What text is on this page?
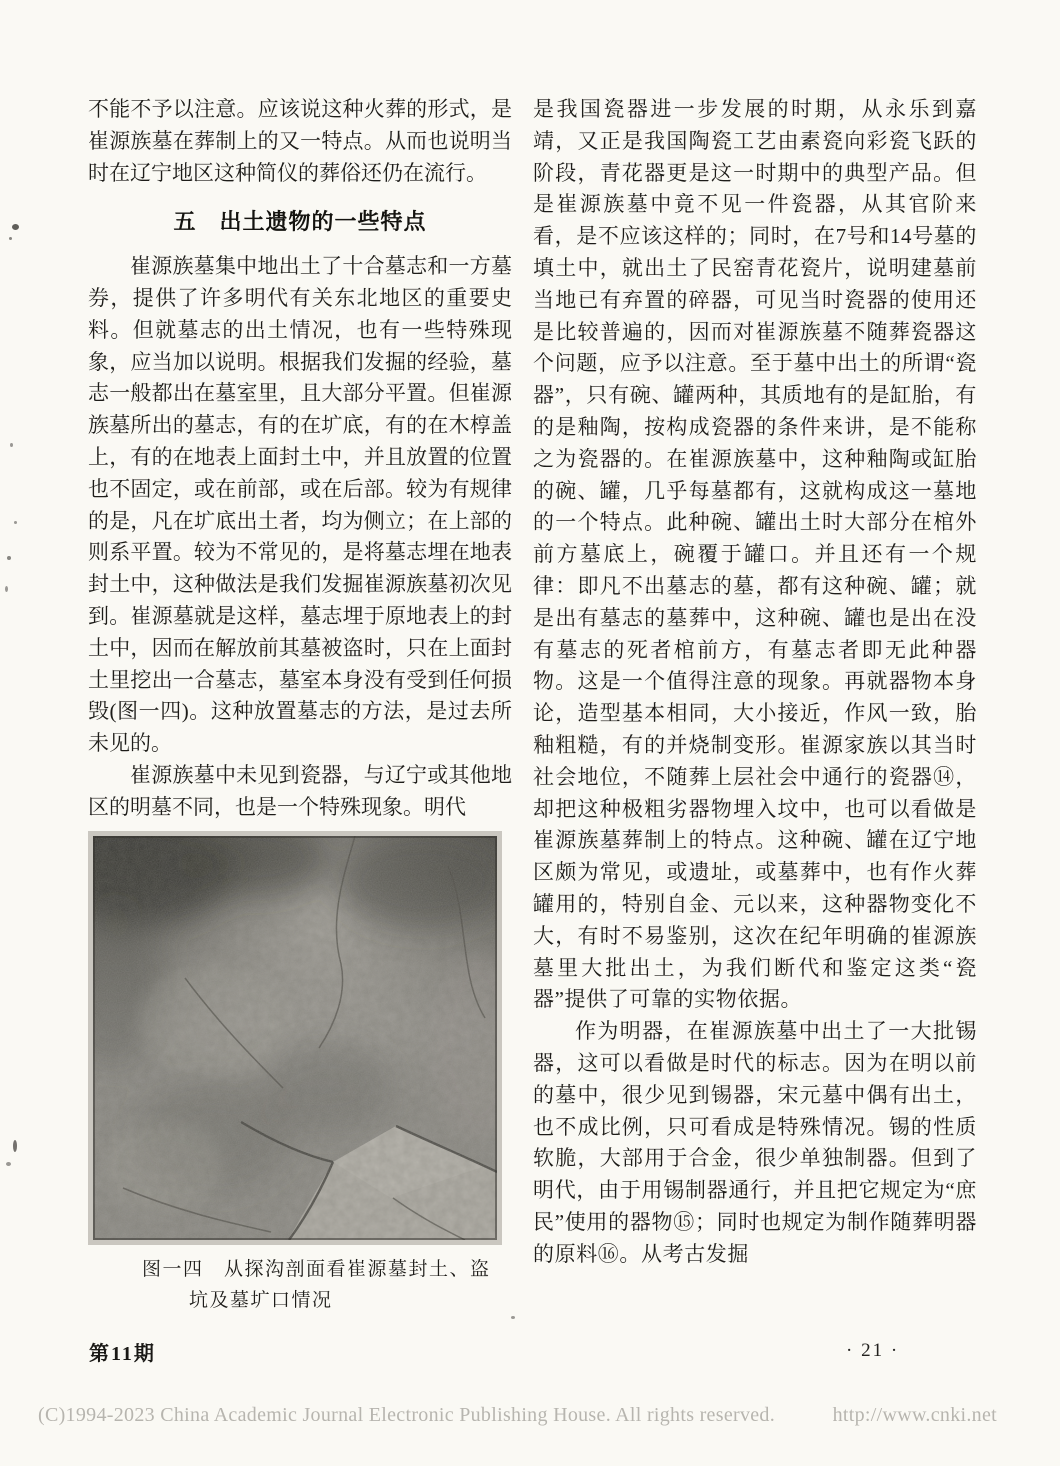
不能不予以注意。应该说这种火葬的形式，是崔源族墓在葬制上的又一特点。从而也说明当时在辽宁地区这种简仪的葬俗还仍在流行。

五　出土遗物的一些特点

崔源族墓集中地出土了十合墓志和一方墓券，提供了许多明代有关东北地区的重要史料。但就墓志的出土情况，也有一些特殊现象，应当加以说明。根据我们发掘的经验，墓志一般都出在墓室里，且大部分平置。但崔源族墓所出的墓志，有的在圹底，有的在木椁盖上，有的在地表上面封土中，并且放置的位置也不固定，或在前部，或在后部。较为有规律的是，凡在圹底出土者，均为侧立；在上部的则系平置。较为不常见的，是将墓志埋在地表封土中，这种做法是我们发掘崔源族墓初次见到。崔源墓就是这样，墓志埋于原地表上的封土中，因而在解放前其墓被盗时，只在上面封土里挖出一合墓志，墓室本身没有受到任何损毁(图一四)。这种放置墓志的方法，是过去所未见的。

崔源族墓中未见到瓷器，与辽宁或其他地区的明墓不同，也是一个特殊现象。明代

图一四　从探沟剖面看崔源墓封土、盗
坑及墓圹口情况

是我国瓷器进一步发展的时期，从永乐到嘉靖，又正是我国陶瓷工艺由素瓷向彩瓷飞跃的阶段，青花器更是这一时期中的典型产品。但是崔源族墓中竟不见一件瓷器，从其官阶来看，是不应该这样的；同时，在7号和14号墓的填土中，就出土了民窑青花瓷片，说明建墓前当地已有弃置的碎器，可见当时瓷器的使用还是比较普遍的，因而对崔源族墓不随葬瓷器这个问题，应予以注意。至于墓中出土的所谓“瓷器”，只有碗、罐两种，其质地有的是缸胎，有的是釉陶，按构成瓷器的条件来讲，是不能称之为瓷器的。在崔源族墓中，这种釉陶或缸胎的碗、罐，几乎每墓都有，这就构成这一墓地的一个特点。此种碗、罐出土时大部分在棺外前方墓底上，碗覆于罐口。并且还有一个规律：即凡不出墓志的墓，都有这种碗、罐；就是出有墓志的墓葬中，这种碗、罐也是出在没有墓志的死者棺前方，有墓志者即无此种器物。这是一个值得注意的现象。再就器物本身论，造型基本相同，大小接近，作风一致，胎釉粗糙，有的并烧制变形。崔源家族以其当时社会地位，不随葬上层社会中通行的瓷器⑭，却把这种极粗劣器物埋入坟中，也可以看做是崔源族墓葬制上的特点。这种碗、罐在辽宁地区颇为常见，或遗址，或墓葬中，也有作火葬罐用的，特别自金、元以来，这种器物变化不大，有时不易鉴别，这次在纪年明确的崔源族墓里大批出土，为我们断代和鉴定这类“瓷器”提供了可靠的实物依据。

作为明器，在崔源族墓中出土了一大批锡器，这可以看做是时代的标志。因为在明以前的墓中，很少见到锡器，宋元墓中偶有出土，也不成比例，只可看成是特殊情况。锡的性质软脆，大部用于合金，很少单独制器。但到了明代，由于用锡制器通行，并且把它规定为“庶民”使用的器物⑮；同时也规定为制作随葬明器的原料⑯。从考古发掘

第11期	· 21 ·
(C)1994-2023 China Academic Journal Electronic Publishing House. All rights reserved.	http://www.cnki.net
